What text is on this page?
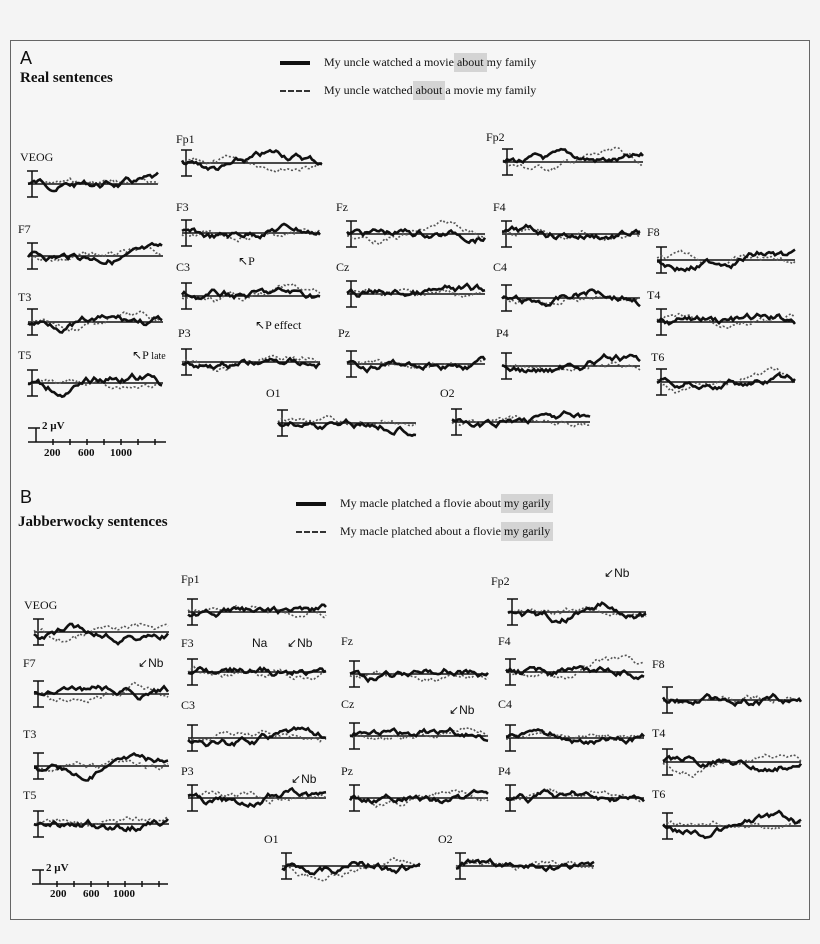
A
Real sentences
My uncle watched a movie about my family
My uncle watched about a movie my family
VEOG
Fp1	Fp2
F7
F3	Fz	F4
F8
C3	Cz	C4
T3	T4
T5
P3	Pz	P4
T6
O1	O2
↖P
↖P effect
↖P late
2 µV
200 600 1000
B
Jabberwocky sentences
My macle platched a flovie about my garily
My macle platched about a flovie my garily
VEOG
Fp1	Fp2
F7
F3	Fz	F4
F8
C3	Cz	C4
T3	T4
T5
P3	Pz	P4
T6
O1	O2
↙Nb
Na ↙Nb
↙Nb
↙Nb
↙Nb
2 µV
200 600 1000
